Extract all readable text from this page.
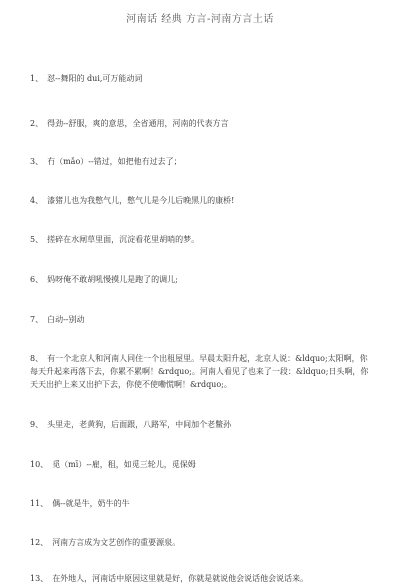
河南话 经典 方言-河南方言土话
1、 怼--舞阳的 dui,可万能动词
2、 得劲--舒服，爽的意思，全省通用，河南的代表方言
3、 冇（mǎo）--错过，如把他冇过去了；
4、 漆猪儿也为我憋气儿，憋气儿是今儿后晚黑儿的康桥!
5、 搓碎在水闸草里面，沉淀看花里胡哨的梦。
6、 妈呀俺不敢胡吼慢摸儿是跑了的调儿;
7、 白动--别动
8、 有一个北京人和河南人同住一个出租屋里。早晨太阳升起，北京人说：&ldquo;太阳啊，你每天升起来再落下去，你累不累啊！&rdquo;。河南人看见了也来了一段：&ldquo;日头啊，你天天出护上来又出护下去，你使不使嘞慌啊！&rdquo;。
9、 头里走，老黄狗，后面跟，八路军，中间加个老鳖孙
10、 觅（mī）--雇，租，如觅三轮儿，觅保姆
11、 偶--就是牛，奶牛的牛
12、 河南方言成为文艺创作的重要源泉。
13、 在外地人，河南话中原因这里就是好，你就是就说他会说话他会说话来。
